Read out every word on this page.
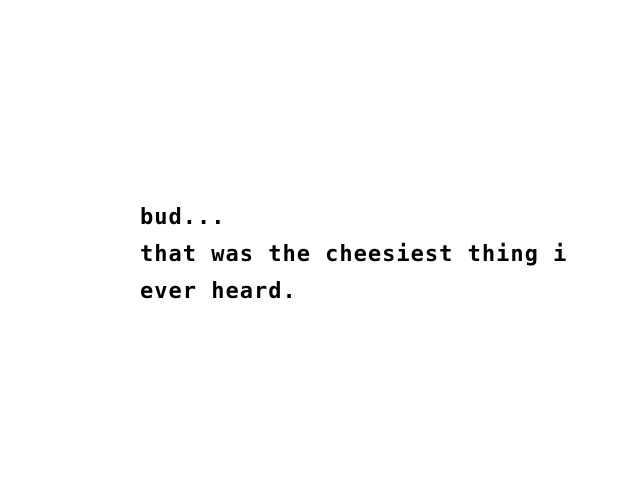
bud...
that was the cheesiest thing i
ever heard.
